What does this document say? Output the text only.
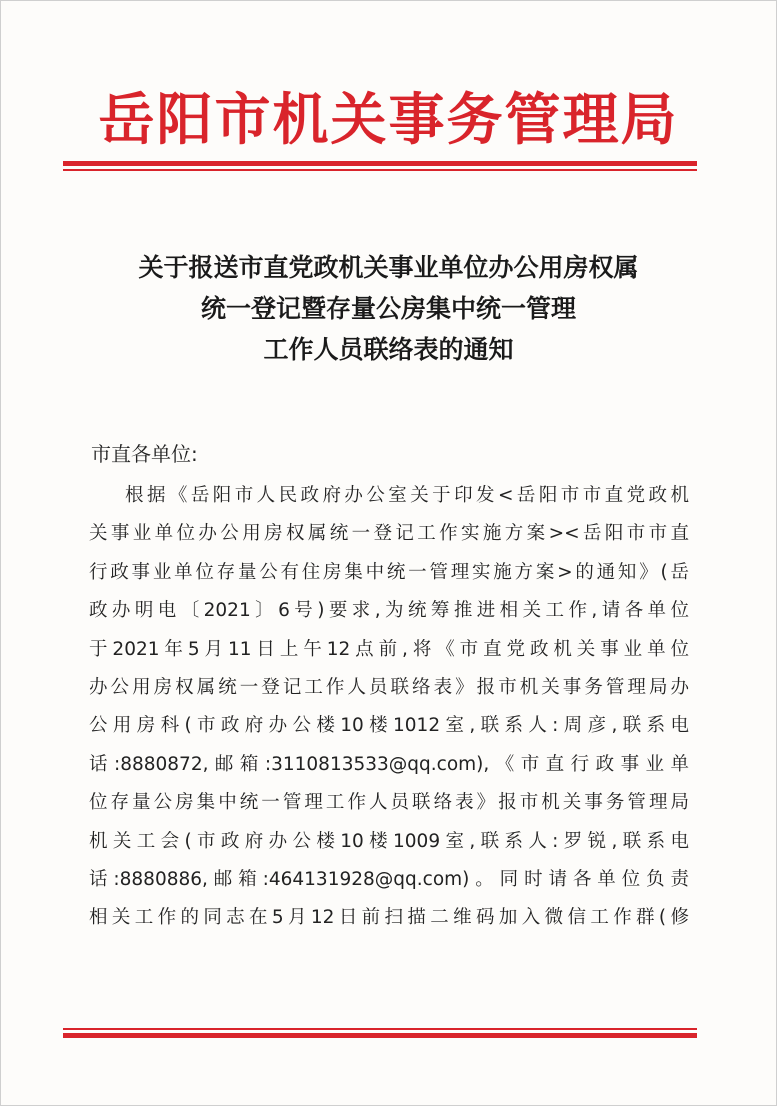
岳阳市机关事务管理局
关于报送市直党政机关事业单位办公用房权属
统一登记暨存量公房集中统一管理
工作人员联络表的通知
市直各单位:
根据《岳阳市人民政府办公室关于印发<岳阳市市直党政机
关事业单位办公用房权属统一登记工作实施方案><岳阳市市直
行政事业单位存量公有住房集中统一管理实施方案>的通知》(岳
政办明电〔2021〕6号)要求,为统筹推进相关工作,请各单位
于2021年5月11日上午12点前,将《市直党政机关事业单位
办公用房权属统一登记工作人员联络表》报市机关事务管理局办
公用房科(市政府办公楼10楼1012室,联系人:周彦,联系电
话:8880872,邮箱:3110813533@qq.com),《市直行政事业单
位存量公房集中统一管理工作人员联络表》报市机关事务管理局
机关工会(市政府办公楼10楼1009室,联系人:罗锐,联系电
话:8880886,邮箱:464131928@qq.com)。同时请各单位负责
相关工作的同志在5月12日前扫描二维码加入微信工作群(修
